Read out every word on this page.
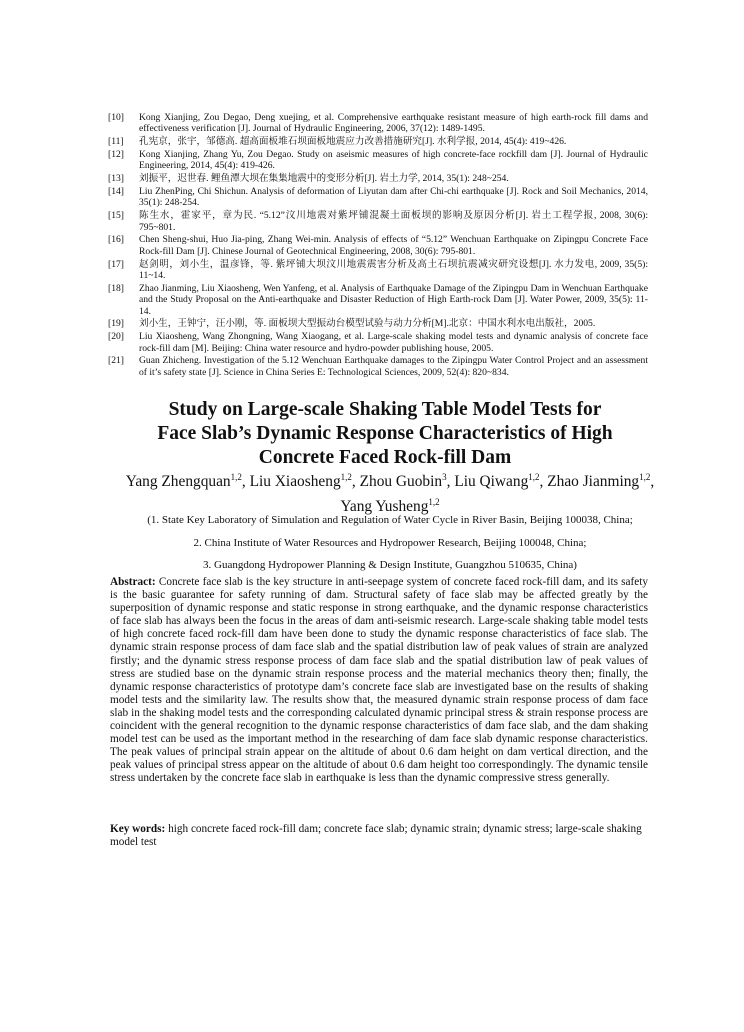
[10]	Kong Xianjing, Zou Degao, Deng xuejing, et al. Comprehensive earthquake resistant measure of high earth-rock fill dams and effectiveness verification [J]. Journal of Hydraulic Engineering, 2006, 37(12): 1489-1495.
[11]	孔宪京，张宇，邹德高. 超高面板堆石坝面板地震应力改善措施研究[J]. 水利学报, 2014, 45(4): 419~426.
[12]	Kong Xianjing, Zhang Yu, Zou Degao. Study on aseismic measures of high concrete-face rockfill dam [J]. Journal of Hydraulic Engineering, 2014, 45(4): 419-426.
[13]	刘振平，迟世春. 鲤鱼潭大坝在集集地震中的变形分析[J]. 岩土力学, 2014, 35(1): 248~254.
[14]	Liu ZhenPing, Chi Shichun. Analysis of deformation of Liyutan dam after Chi-chi earthquake [J]. Rock and Soil Mechanics, 2014, 35(1): 248-254.
[15]	陈生水，霍家平，章为民. “5.12”汶川地震对紫坪铺混凝土面板坝的影响及原因分析[J]. 岩土工程学报, 2008, 30(6): 795~801.
[16]	Chen Sheng-shui, Huo Jia-ping, Zhang Wei-min. Analysis of effects of “5.12” Wenchuan Earthquake on Zipingpu Concrete Face Rock-fill Dam [J]. Chinese Journal of Geotechnical Engineering, 2008, 30(6): 795-801.
[17]	赵剑明，刘小生，温彦锋，等. 紫坪铺大坝汶川地震震害分析及高土石坝抗震减灾研究设想[J]. 水力发电, 2009, 35(5): 11~14.
[18]	Zhao Jianming, Liu Xiaosheng, Wen Yanfeng, et al. Analysis of Earthquake Damage of the Zipingpu Dam in Wenchuan Earthquake and the Study Proposal on the Anti-earthquake and Disaster Reduction of High Earth-rock Dam [J]. Water Power, 2009, 35(5): 11-14.
[19]	刘小生，王钟宁，汪小刚，等. 面板坝大型振动台模型试验与动力分析[M].北京：中国水利水电出版社，2005.
[20]	Liu Xiaosheng, Wang Zhongning, Wang Xiaogang, et al. Large-scale shaking model tests and dynamic analysis of concrete face rock-fill dam [M]. Beijing: China water resource and hydro-powder publishing house, 2005.
[21]	Guan Zhicheng. Investigation of the 5.12 Wenchuan Earthquake damages to the Zipingpu Water Control Project and an assessment of it’s safety state [J]. Science in China Series E: Technological Sciences, 2009, 52(4): 820~834.
Study on Large-scale Shaking Table Model Tests for
Face Slab’s Dynamic Response Characteristics of High
Concrete Faced Rock-fill Dam
Yang Zhengquan$^{1,2}$, Liu Xiaosheng$^{1,2}$, Zhou Guobin$^3$, Liu Qiwang$^{1,2}$, Zhao Jianming$^{1,2}$, Yang Yusheng$^{1,2}$
(1. State Key Laboratory of Simulation and Regulation of Water Cycle in River Basin, Beijing 100038, China;
2. China Institute of Water Resources and Hydropower Research, Beijing 100048, China;
3. Guangdong Hydropower Planning & Design Institute, Guangzhou 510635, China)
Abstract: Concrete face slab is the key structure in anti-seepage system of concrete faced rock-fill dam, and its safety is the basic guarantee for safety running of dam. Structural safety of face slab may be affected greatly by the superposition of dynamic response and static response in strong earthquake, and the dynamic response characteristics of face slab has always been the focus in the areas of dam anti-seismic research. Large-scale shaking table model tests of high concrete faced rock-fill dam have been done to study the dynamic response characteristics of face slab. The dynamic strain response process of dam face slab and the spatial distribution law of peak values of strain are analyzed firstly; and the dynamic stress response process of dam face slab and the spatial distribution law of peak values of stress are studied base on the dynamic strain response process and the material mechanics theory then; finally, the dynamic response characteristics of prototype dam’s concrete face slab are investigated base on the results of shaking model tests and the similarity law. The results show that, the measured dynamic strain response process of dam face slab in the shaking model tests and the corresponding calculated dynamic principal stress & strain response process are coincident with the general recognition to the dynamic response characteristics of dam face slab, and the dam shaking model test can be used as the important method in the researching of dam face slab dynamic response characteristics. The peak values of principal strain appear on the altitude of about 0.6 dam height on dam vertical direction, and the peak values of principal stress appear on the altitude of about 0.6 dam height too correspondingly. The dynamic tensile stress undertaken by the concrete face slab in earthquake is less than the dynamic compressive stress generally.
Key words: high concrete faced rock-fill dam; concrete face slab; dynamic strain; dynamic stress; large-scale shaking model test
